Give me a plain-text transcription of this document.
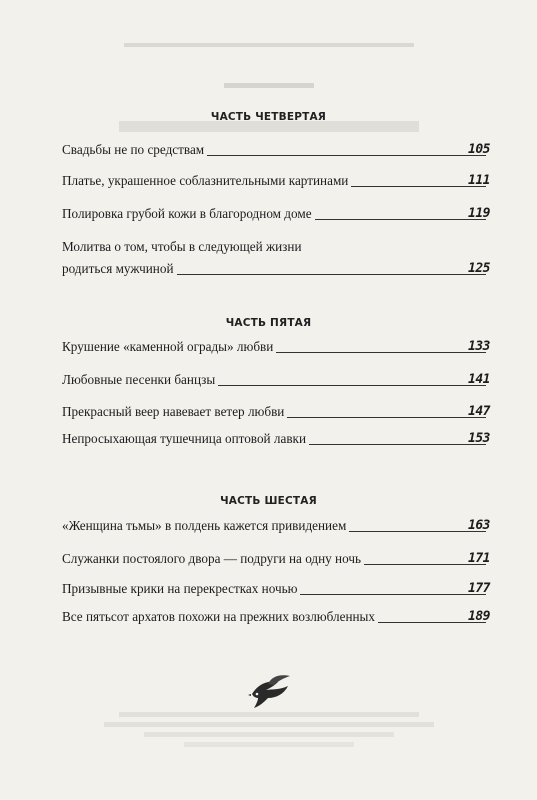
ЧАСТЬ ЧЕТВЕРТАЯ
ЧАСТЬ ПЯТАЯ
ЧАСТЬ ШЕСТАЯ
Свадьбы не по средствам	105
Платье, украшенное соблазнительными картинами	111
Полировка грубой кожи в благородном доме	119
Молитва о том, чтобы в следующей жизни
родиться мужчиной	125
Крушение «каменной ограды» любви	133
Любовные песенки банцзы	141
Прекрасный веер навевает ветер любви	147
Непросыхающая тушечница оптовой лавки	153
«Женщина тьмы» в полдень кажется привидением	163
Служанки постоялого двора — подруги на одну ночь	171
Призывные крики на перекрестках ночью	177
Все пятьсот архатов похожи на прежних возлюбленных	189
